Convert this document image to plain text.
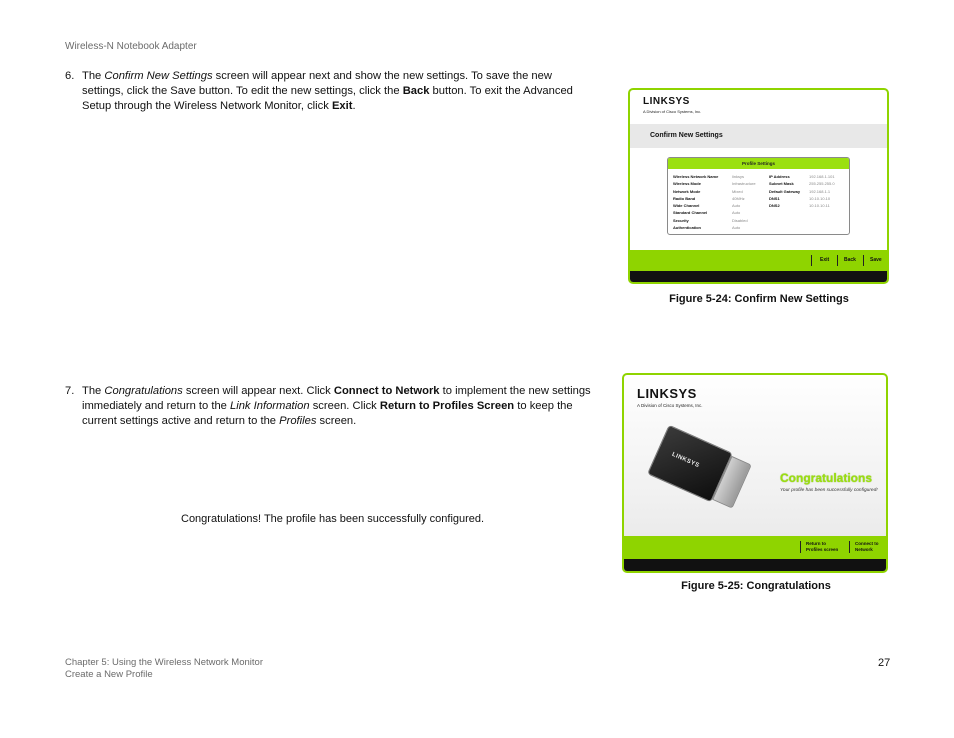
Wireless-N Notebook Adapter
6. The Confirm New Settings screen will appear next and show the new settings. To save the new settings, click the Save button. To edit the new settings, click the Back button. To exit the Advanced Setup through the Wireless Network Monitor, click Exit.
7. The Congratulations screen will appear next. Click Connect to Network to implement the new settings immediately and return to the Link Information screen. Click Return to Profiles Screen to keep the current settings active and return to the Profiles screen.
LINKSYS
A Division of Cisco Systems, Inc.
Confirm New Settings
Profile Settings
Wireless Network Name	linksys	IP Address	192.168.1.101
Wireless Mode	Infrastructure	Subnet Mask	255.255.255.0
Network Mode	Mixed	Default Gateway 192.168.1.1
Radio Band	40MHz	DNS1	10.10.10.10
Wide Channel	Auto	DNS2	10.10.10.11
Standard Channel	Auto
Security	Disabled
Authentication	Auto
Exit	Back	Save
Figure 5-24: Confirm New Settings
Congratulations! The profile has been successfully configured.
LINKSYS
A Division of Cisco Systems, Inc.
LINKSYS
Congratulations
Your profile has been successfully configured!
Return to
Profiles screen
Connect to
Network
Figure 5-25: Congratulations
Chapter 5: Using the Wireless Network Monitor
Create a New Profile
27
